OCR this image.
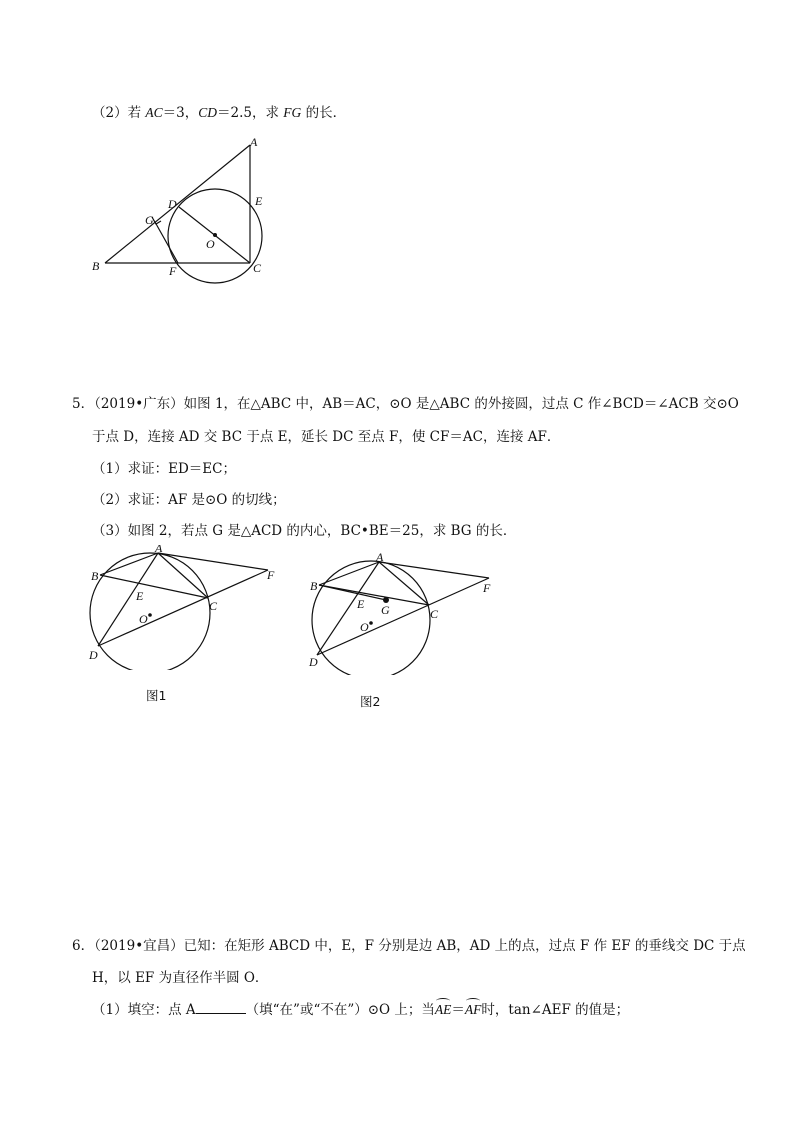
（2）若 AC＝3，CD＝2.5，求 FG 的长．
A
B	C
D	E
F
G
O
5．（2019•广东）如图 1，在△ABC 中，AB＝AC，⊙O 是△ABC 的外接圆，过点 C 作∠BCD＝∠ACB 交⊙O
于点 D，连接 AD 交 BC 于点 E，延长 DC 至点 F，使 CF＝AC，连接 AF．
（1）求证：ED＝EC；
（2）求证：AF 是⊙O 的切线；
（3）如图 2，若点 G 是△ACD 的内心，BC•BE＝25，求 BG 的长．
A
B
C
D
E
F
O
图1
A
B
C
D
E
F
G
O
图2
6．（2019•宜昌）已知：在矩形 ABCD 中，E，F 分别是边 AB，AD 上的点，过点 F 作 EF 的垂线交 DC 于点
H，以 EF 为直径作半圆 O．
（1）填空：点 A	（填“在”或“不在”）⊙O 上；当AE＝AF时，tan∠AEF 的值是；
